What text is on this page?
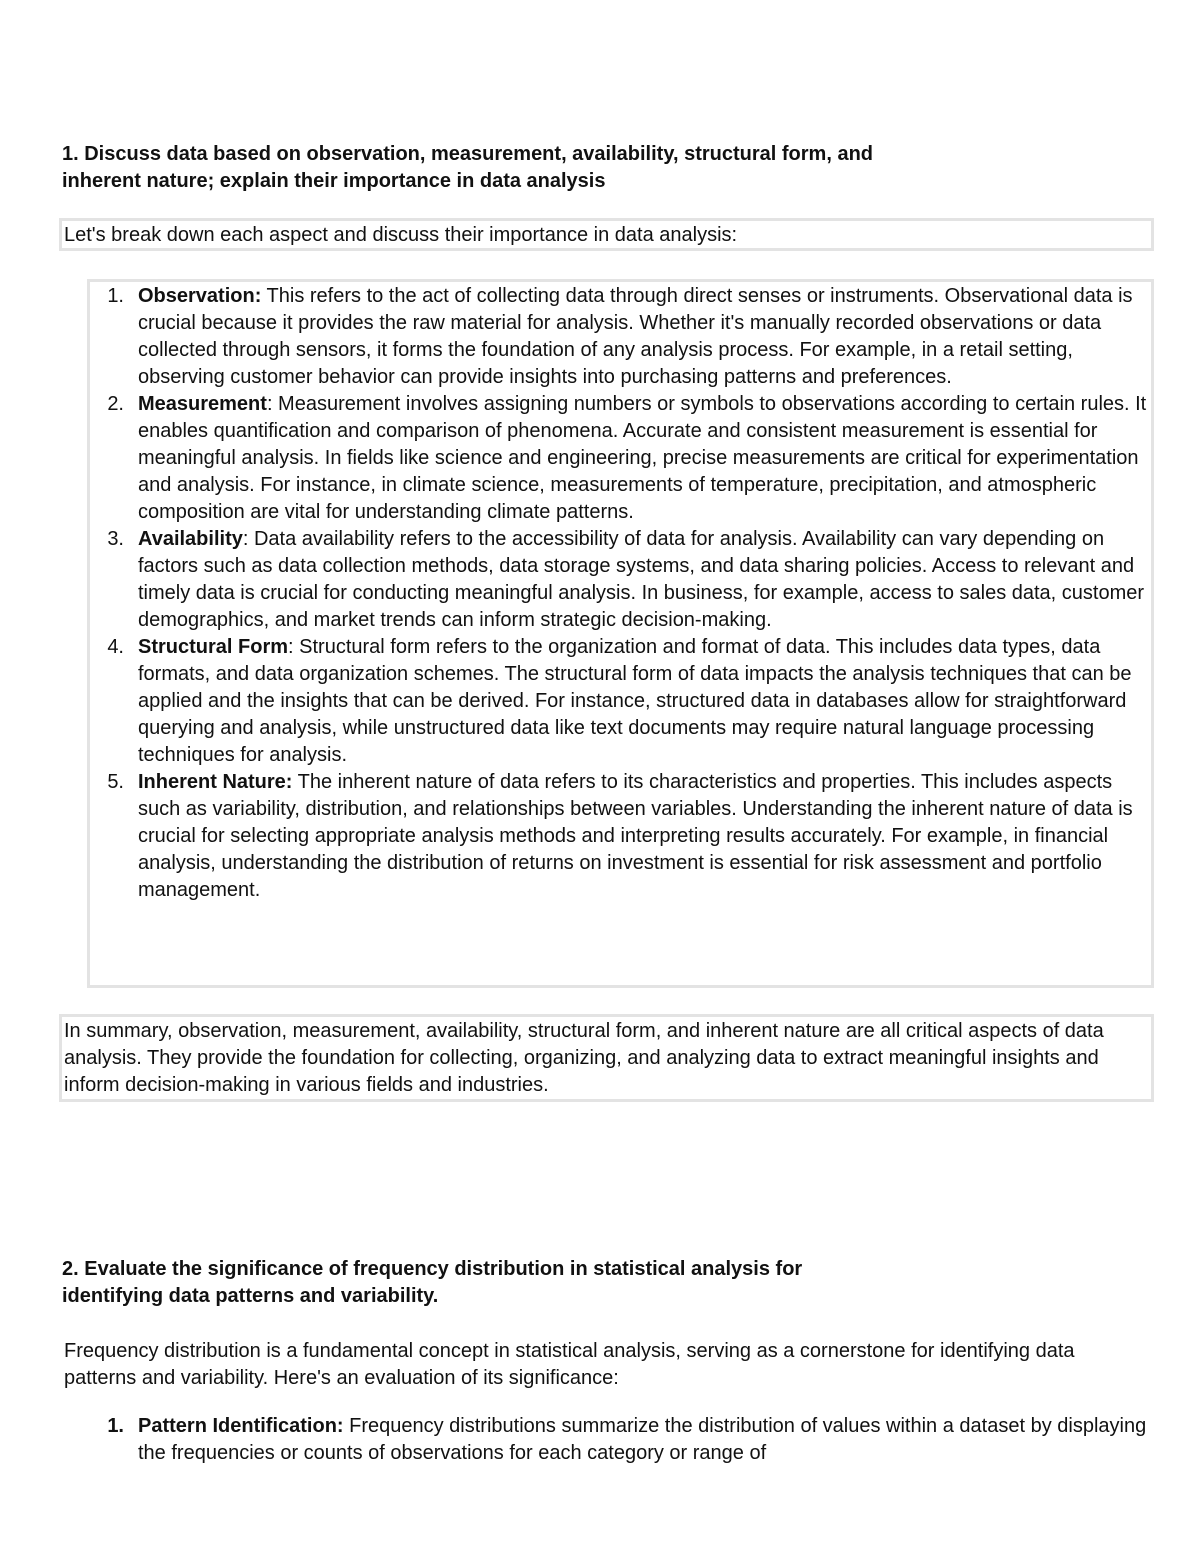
1. Discuss data based on observation, measurement, availability, structural form, and
inherent nature; explain their importance in data analysis
Let's break down each aspect and discuss their importance in data analysis:
1. Observation: This refers to the act of collecting data through direct senses or instruments. Observational data is crucial because it provides the raw material for analysis. Whether it's manually recorded observations or data collected through sensors, it forms the foundation of any analysis process. For example, in a retail setting, observing customer behavior can provide insights into purchasing patterns and preferences.
2. Measurement: Measurement involves assigning numbers or symbols to observations according to certain rules. It enables quantification and comparison of phenomena. Accurate and consistent measurement is essential for meaningful analysis. In fields like science and engineering, precise measurements are critical for experimentation and analysis. For instance, in climate science, measurements of temperature, precipitation, and atmospheric composition are vital for understanding climate patterns.
3. Availability: Data availability refers to the accessibility of data for analysis. Availability can vary depending on factors such as data collection methods, data storage systems, and data sharing policies. Access to relevant and timely data is crucial for conducting meaningful analysis. In business, for example, access to sales data, customer demographics, and market trends can inform strategic decision-making.
4. Structural Form: Structural form refers to the organization and format of data. This includes data types, data formats, and data organization schemes. The structural form of data impacts the analysis techniques that can be applied and the insights that can be derived. For instance, structured data in databases allow for straightforward querying and analysis, while unstructured data like text documents may require natural language processing techniques for analysis.
5. Inherent Nature: The inherent nature of data refers to its characteristics and properties. This includes aspects such as variability, distribution, and relationships between variables. Understanding the inherent nature of data is crucial for selecting appropriate analysis methods and interpreting results accurately. For example, in financial analysis, understanding the distribution of returns on investment is essential for risk assessment and portfolio management.
In summary, observation, measurement, availability, structural form, and inherent nature are all critical aspects of data analysis. They provide the foundation for collecting, organizing, and analyzing data to extract meaningful insights and inform decision-making in various fields and industries.
2. Evaluate the significance of frequency distribution in statistical analysis for
identifying data patterns and variability.
Frequency distribution is a fundamental concept in statistical analysis, serving as a cornerstone for identifying data patterns and variability. Here's an evaluation of its significance:
1. Pattern Identification: Frequency distributions summarize the distribution of values within a dataset by displaying the frequencies or counts of observations for each category or range of
